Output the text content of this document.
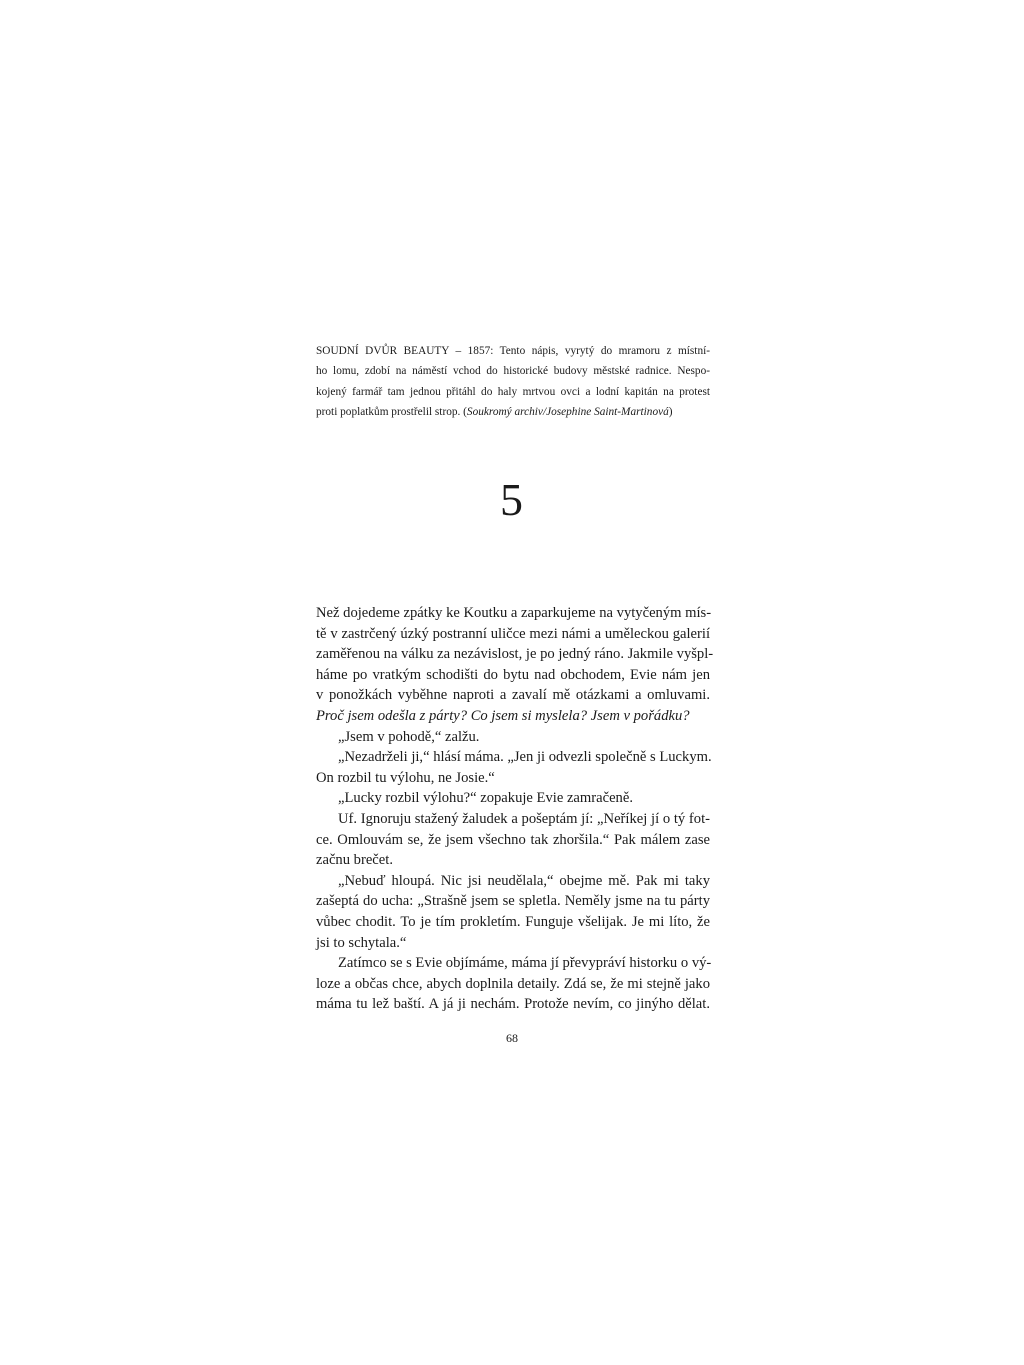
SOUDNÍ DVŮR BEAUTY – 1857: Tento nápis, vyrytý do mramoru z místní-
ho lomu, zdobí na náměstí vchod do historické budovy městské radnice. Nespo-
kojený farmář tam jednou přitáhl do haly mrtvou ovci a lodní kapitán na protest
proti poplatkům prostřelil strop. (Soukromý archiv/Josephine Saint-Martinová)
5
Než dojedeme zpátky ke Koutku a zaparkujeme na vytyčeným mís-
tě v zastrčený úzký postranní uličce mezi námi a uměleckou galerií
zaměřenou na válku za nezávislost, je po jedný ráno. Jakmile vyšpl-
háme po vratkým schodišti do bytu nad obchodem, Evie nám jen
v ponožkách vyběhne naproti a zavalí mě otázkami a omluvami.
Proč jsem odešla z párty? Co jsem si myslela? Jsem v pořádku?
„Jsem v pohodě,“ zalžu.
„Nezadrželi ji,“ hlásí máma. „Jen ji odvezli společně s Luckym.
On rozbil tu výlohu, ne Josie.“
„Lucky rozbil výlohu?“ zopakuje Evie zamračeně.
Uf. Ignoruju stažený žaludek a pošeptám jí: „Neříkej jí o tý fot-
ce. Omlouvám se, že jsem všechno tak zhoršila.“ Pak málem zase
začnu brečet.
„Nebuď hloupá. Nic jsi neudělala,“ obejme mě. Pak mi taky
zašeptá do ucha: „Strašně jsem se spletla. Neměly jsme na tu párty
vůbec chodit. To je tím prokletím. Funguje všelijak. Je mi líto, že
jsi to schytala.“
Zatímco se s Evie objímáme, máma jí převypráví historku o vý-
loze a občas chce, abych doplnila detaily. Zdá se, že mi stejně jako
máma tu lež baští. A já ji nechám. Protože nevím, co jinýho dělat.
68
